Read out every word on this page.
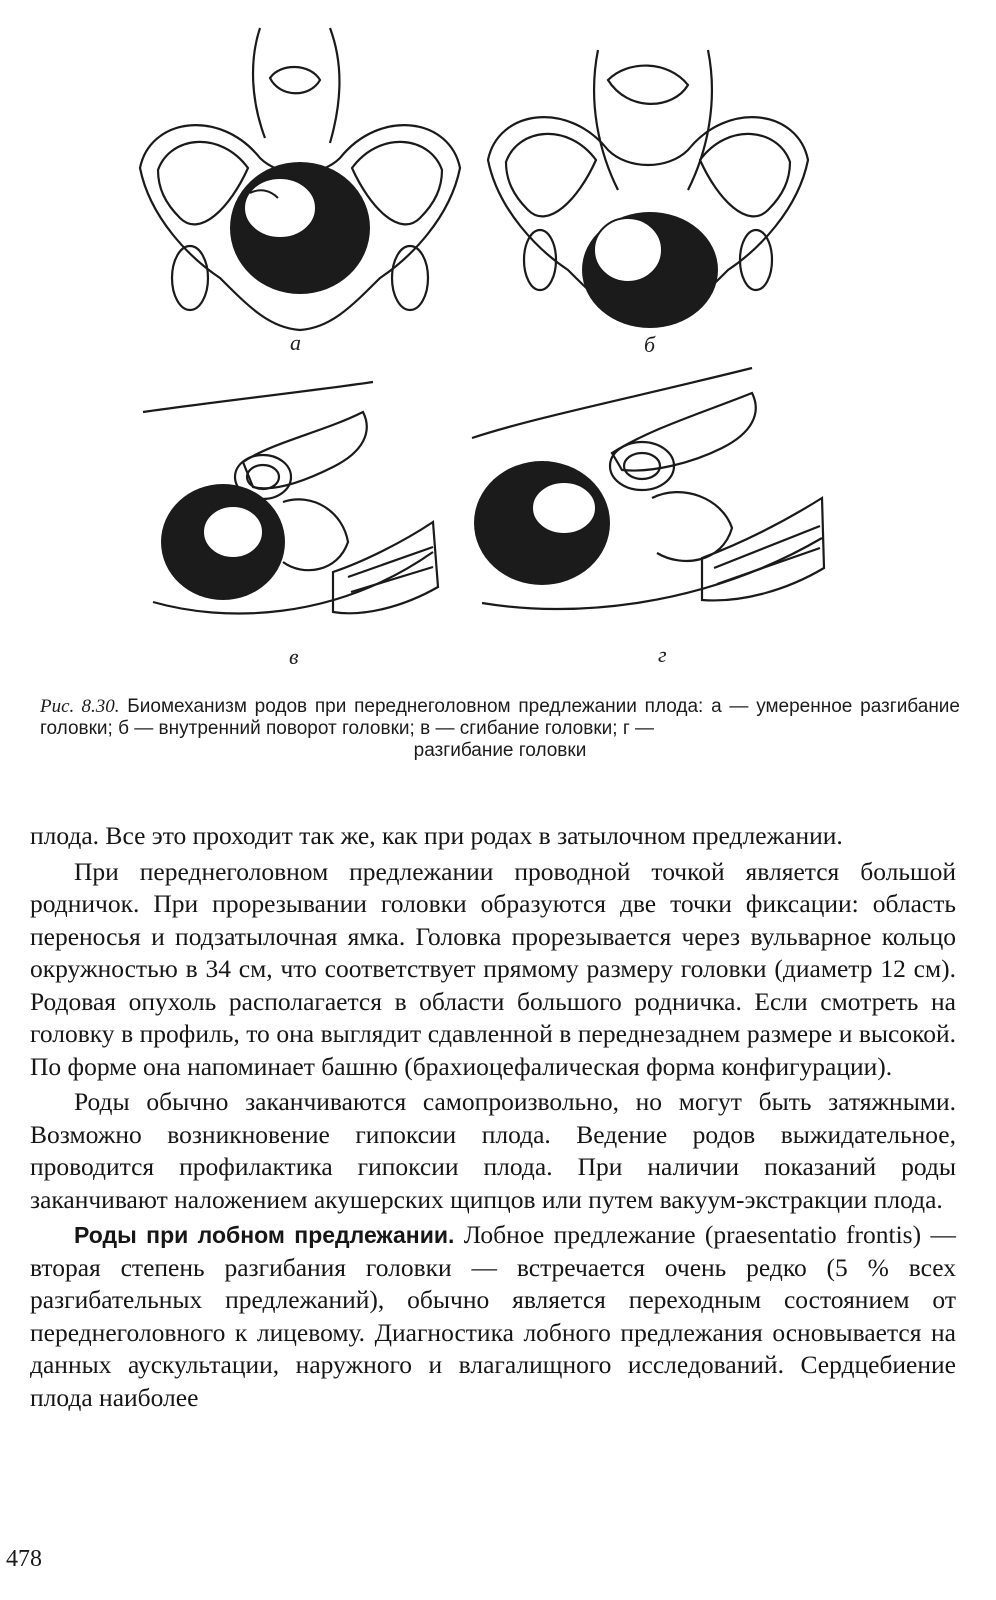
а	б
в	г
Рис. 8.30. Биомеханизм родов при переднеголовном предлежании плода: а — умеренное разгибание головки; б — внутренний поворот головки; в — сгибание головки; г —
разгибание головки

плода. Все это проходит так же, как при родах в затылочном предлежании.

При переднеголовном предлежании проводной точкой является большой родничок. При прорезывании головки образуются две точки фиксации: область переносья и подзатылочная ямка. Головка прорезывается через вульварное кольцо окружностью в 34 см, что соответствует прямому размеру головки (диаметр 12 см). Родовая опухоль располагается в области большого родничка. Если смотреть на головку в профиль, то она выглядит сдавленной в переднезаднем размере и высокой. По форме она напоминает башню (брахиоцефалическая форма конфигурации).

Роды обычно заканчиваются самопроизвольно, но могут быть затяжными. Возможно возникновение гипоксии плода. Ведение родов выжидательное, проводится профилактика гипоксии плода. При наличии показаний роды заканчивают наложением акушерских щипцов или путем вакуум-экстракции плода.

Роды при лобном предлежании. Лобное предлежание (praesentatio frontis) — вторая степень разгибания головки — встречается очень редко (5 % всех разгибательных предлежаний), обычно является переходным состоянием от переднеголовного к лицевому. Диагностика лобного предлежания основывается на данных аускультации, наружного и влагалищного исследований. Сердцебиение плода наиболее

478
